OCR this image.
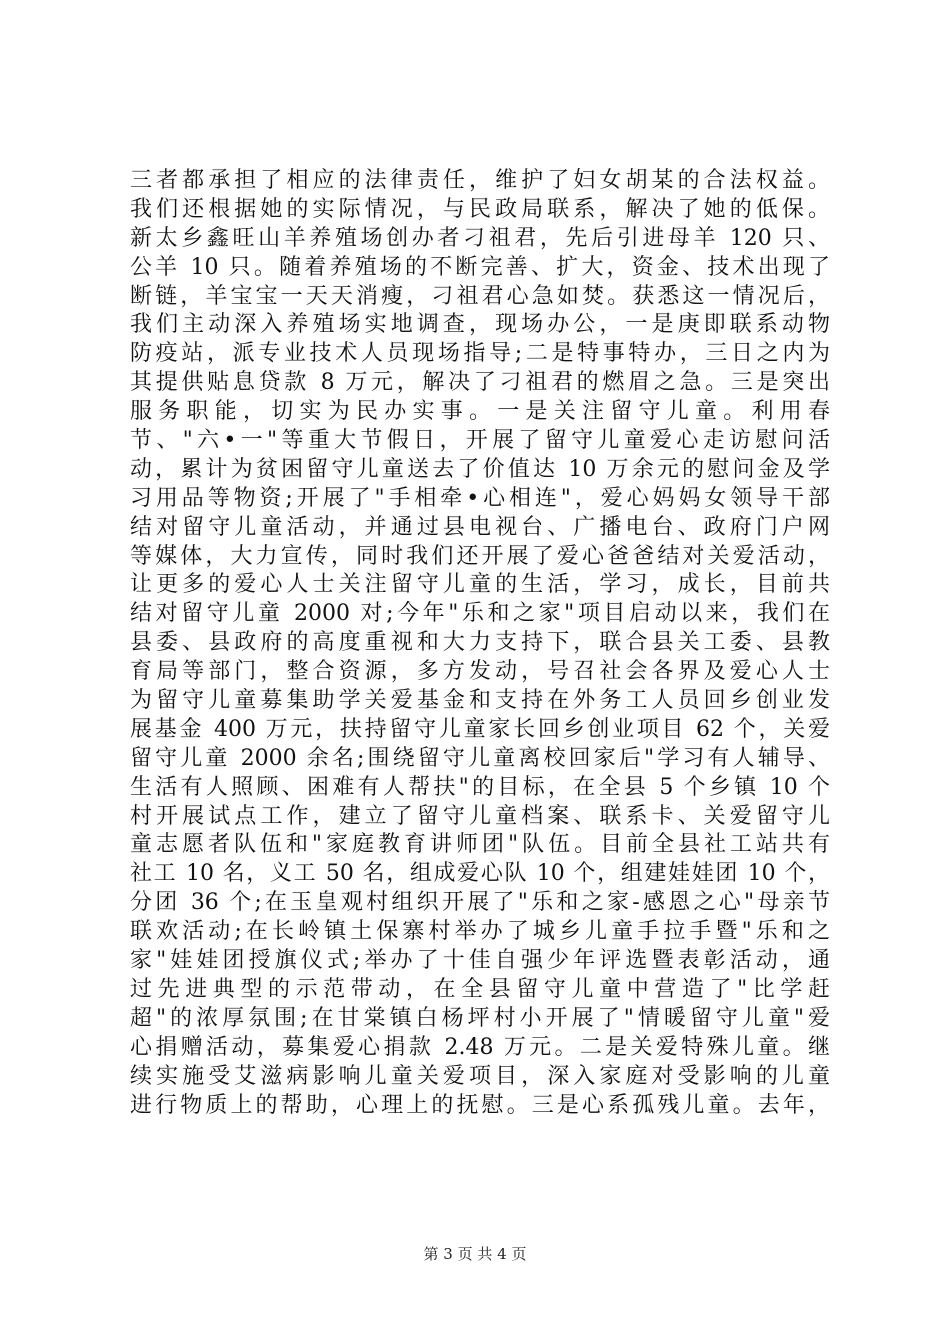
三者都承担了相应的法律责任，维护了妇女胡某的合法权益。
我们还根据她的实际情况，与民政局联系，解决了她的低保。
新太乡鑫旺山羊养殖场创办者刁祖君，先后引进母羊 120 只、
公羊 10 只。随着养殖场的不断完善、扩大，资金、技术出现了
断链，羊宝宝一天天消瘦，刁祖君心急如焚。获悉这一情况后，
我们主动深入养殖场实地调查，现场办公，一是庚即联系动物
防疫站，派专业技术人员现场指导;二是特事特办，三日之内为
其提供贴息贷款 8 万元，解决了刁祖君的燃眉之急。三是突出
服务职能，切实为民办实事。一是关注留守儿童。利用春
节、"六•一"等重大节假日，开展了留守儿童爱心走访慰问活
动，累计为贫困留守儿童送去了价值达 10 万余元的慰问金及学
习用品等物资;开展了"手相牵•心相连"，爱心妈妈女领导干部
结对留守儿童活动，并通过县电视台、广播电台、政府门户网
等媒体，大力宣传，同时我们还开展了爱心爸爸结对关爱活动，
让更多的爱心人士关注留守儿童的生活，学习，成长，目前共
结对留守儿童 2000 对;今年"乐和之家"项目启动以来，我们在
县委、县政府的高度重视和大力支持下，联合县关工委、县教
育局等部门，整合资源，多方发动，号召社会各界及爱心人士
为留守儿童募集助学关爱基金和支持在外务工人员回乡创业发
展基金 400 万元，扶持留守儿童家长回乡创业项目 62 个，关爱
留守儿童 2000 余名;围绕留守儿童离校回家后"学习有人辅导、
生活有人照顾、困难有人帮扶"的目标，在全县 5 个乡镇 10 个
村开展试点工作，建立了留守儿童档案、联系卡、关爱留守儿
童志愿者队伍和"家庭教育讲师团"队伍。目前全县社工站共有
社工 10 名，义工 50 名，组成爱心队 10 个，组建娃娃团 10 个，
分团 36 个;在玉皇观村组织开展了"乐和之家-感恩之心"母亲节
联欢活动;在长岭镇土保寨村举办了城乡儿童手拉手暨"乐和之
家"娃娃团授旗仪式;举办了十佳自强少年评选暨表彰活动，通
过先进典型的示范带动，在全县留守儿童中营造了"比学赶
超"的浓厚氛围;在甘棠镇白杨坪村小开展了"情暖留守儿童"爱
心捐赠活动，募集爱心捐款 2.48 万元。二是关爱特殊儿童。继
续实施受艾滋病影响儿童关爱项目，深入家庭对受影响的儿童
进行物质上的帮助，心理上的抚慰。三是心系孤残儿童。去年，
第 3 页 共 4 页
